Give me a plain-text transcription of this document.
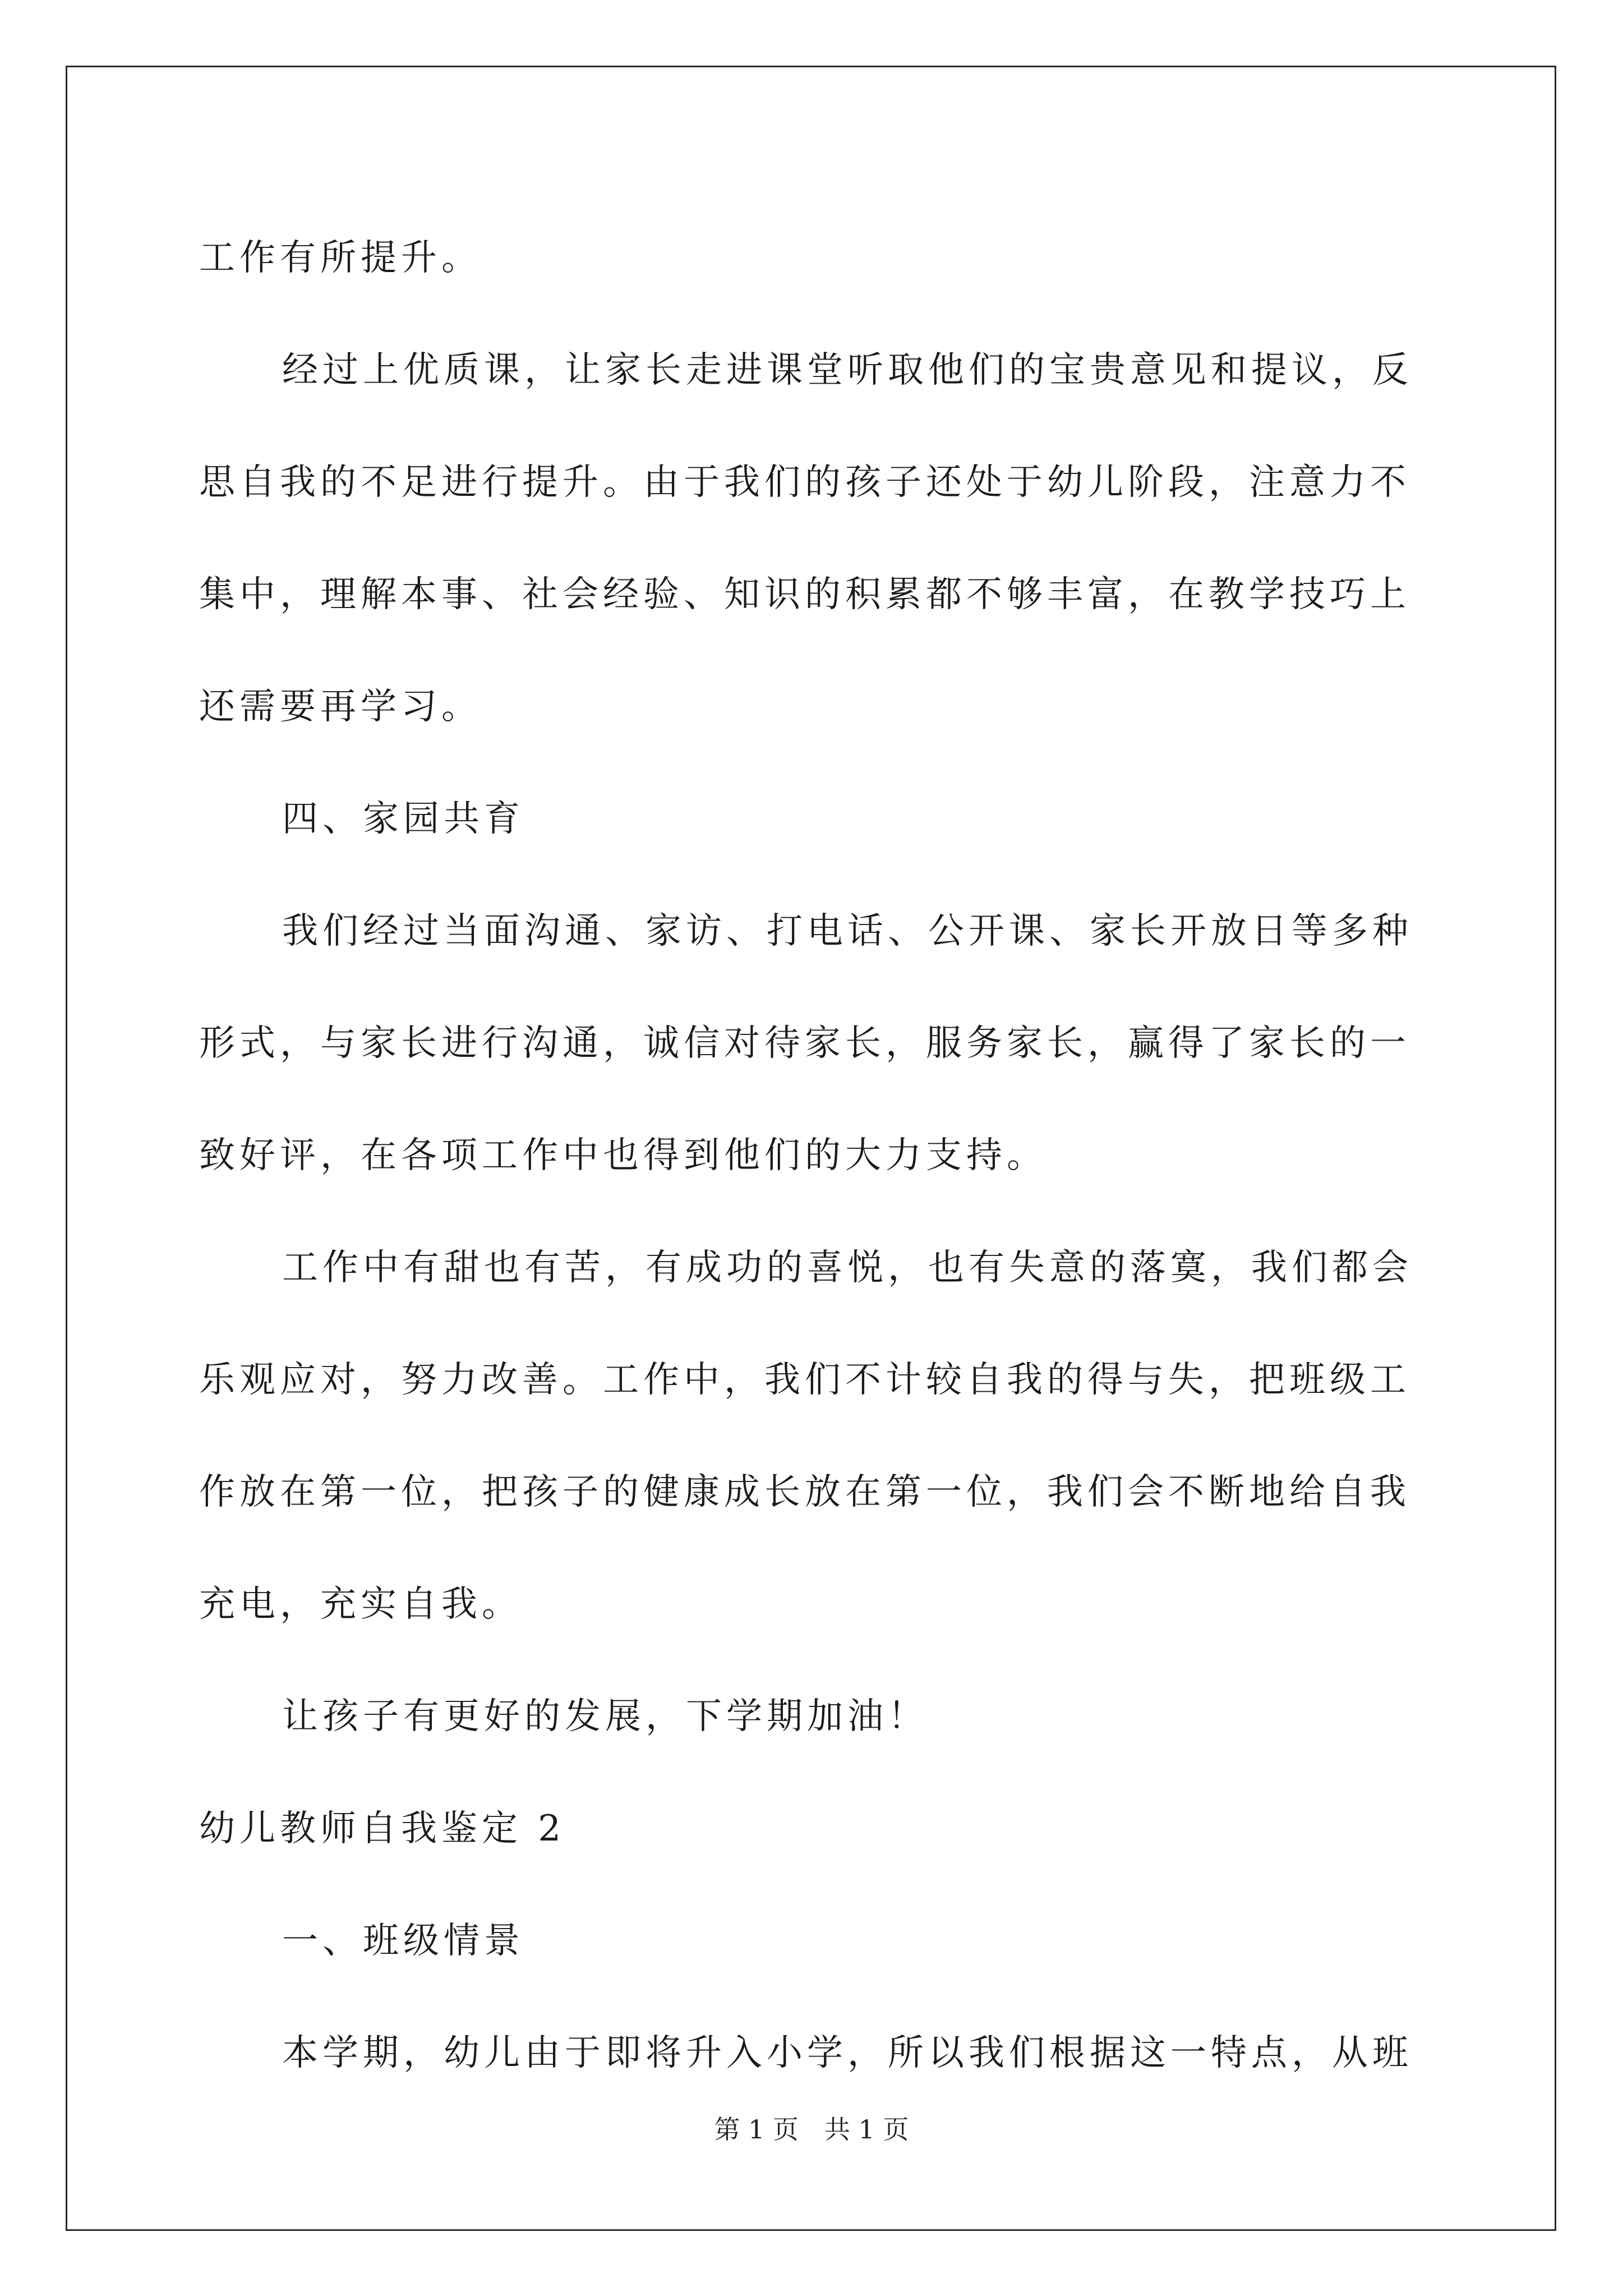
工作有所提升。
经过上优质课，让家长走进课堂听取他们的宝贵意见和提议，反
思自我的不足进行提升。由于我们的孩子还处于幼儿阶段，注意力不
集中，理解本事、社会经验、知识的积累都不够丰富，在教学技巧上
还需要再学习。
四、家园共育
我们经过当面沟通、家访、打电话、公开课、家长开放日等多种
形式，与家长进行沟通，诚信对待家长，服务家长，赢得了家长的一
致好评，在各项工作中也得到他们的大力支持。
工作中有甜也有苦，有成功的喜悦，也有失意的落寞，我们都会
乐观应对，努力改善。工作中，我们不计较自我的得与失，把班级工
作放在第一位，把孩子的健康成长放在第一位，我们会不断地给自我
充电，充实自我。
让孩子有更好的发展，下学期加油！
幼儿教师自我鉴定 2
一、班级情景
本学期，幼儿由于即将升入小学，所以我们根据这一特点，从班
第 1 页　共 1 页
